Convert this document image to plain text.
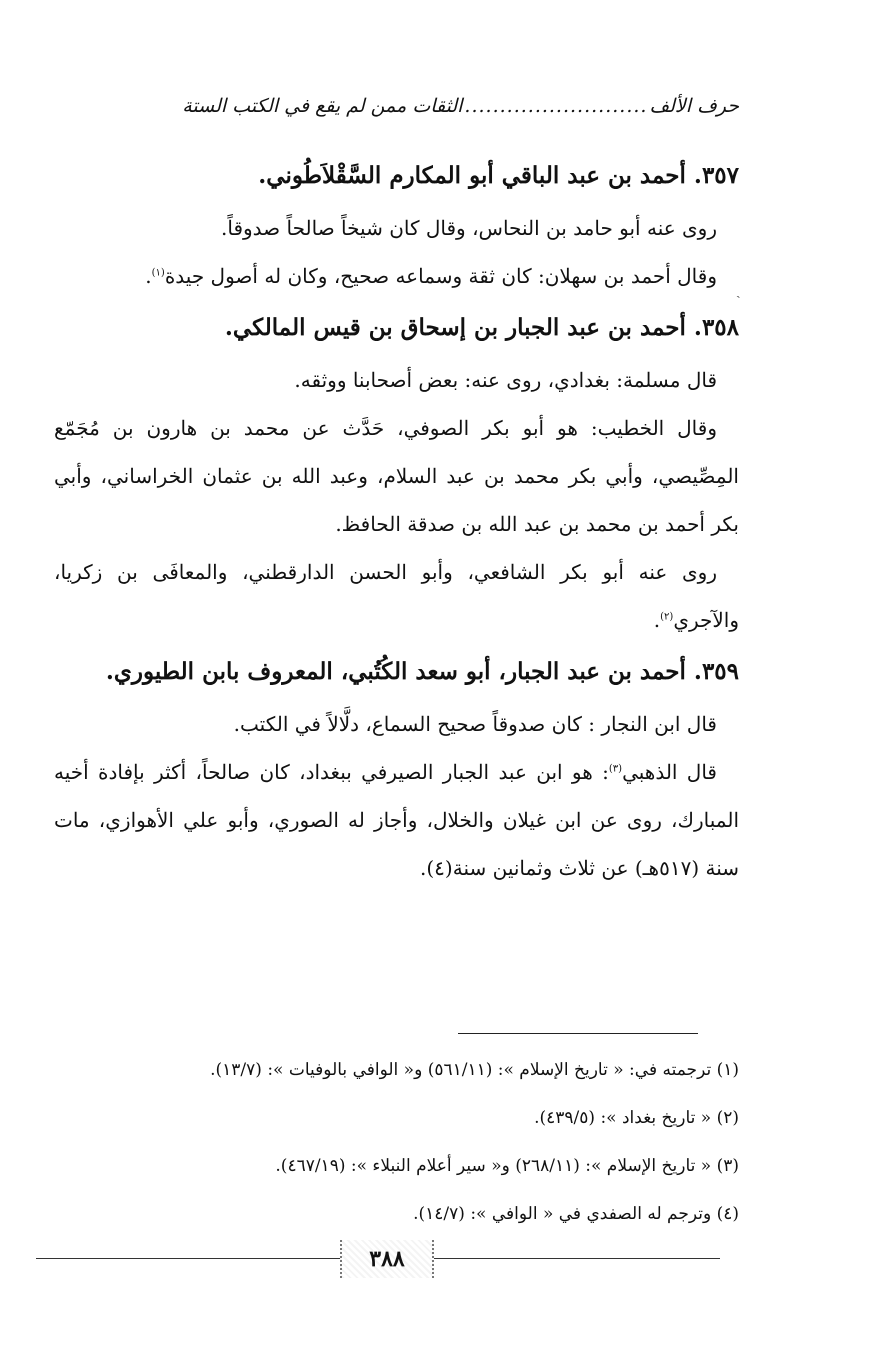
حرف الألف
..........................
الثقات ممن لم يقع في الكتب الستة
ˏ

٣٥٧.أحمد بن عبد الباقي أبو المكارم السَّقْلاَطُوني.

روى عنه أبو حامد بن النحاس، وقال كان شيخاً صالحاً صدوقاً.

وقال أحمد بن سهلان: كان ثقة وسماعه صحيح، وكان له أصول جيدة$^{(١)}$.

٣٥٨.أحمد بن عبد الجبار بن إسحاق بن قيس المالكي.

قال مسلمة: بغدادي، روى عنه: بعض أصحابنا ووثقه.

وقال الخطيب: هو أبو بكر الصوفي، حَدَّث عن محمد بن هارون بن مُجَمّع المِصِّيصي، وأبي بكر محمد بن عبد السلام، وعبد الله بن عثمان الخراساني، وأبي بكر أحمد بن محمد بن عبد الله بن صدقة الحافظ.

روى عنه أبو بكر الشافعي، وأبو الحسن الدارقطني، والمعافَى بن زكريا، والآجري$^{(٢)}$.

٣٥٩.أحمد بن عبد الجبار، أبو سعد الكُتُبي، المعروف بابن الطيوري.

قال ابن النجار : كان صدوقاً صحيح السماع، دلَّالاً في الكتب.

قال الذهبي$^{(٣)}$: هو ابن عبد الجبار الصيرفي ببغداد، كان صالحاً، أكثر بإفادة أخيه المبارك، روى عن ابن غيلان والخلال، وأجاز له الصوري، وأبو علي الأهوازي، مات سنة (٥١٧هـ) عن ثلاث وثمانين سنة(٤).

(١) ترجمته في: « تاريخ الإسلام »: (٥٦١/١١) و« الوافي بالوفيات »: (١٣/٧).

(٢) « تاريخ بغداد »: (٤٣٩/٥).

(٣) « تاريخ الإسلام »: (٢٦٨/١١) و« سير أعلام النبلاء »: (٤٦٧/١٩).

(٤) وترجم له الصفدي في « الوافي »: (١٤/٧).

٣٨٨
